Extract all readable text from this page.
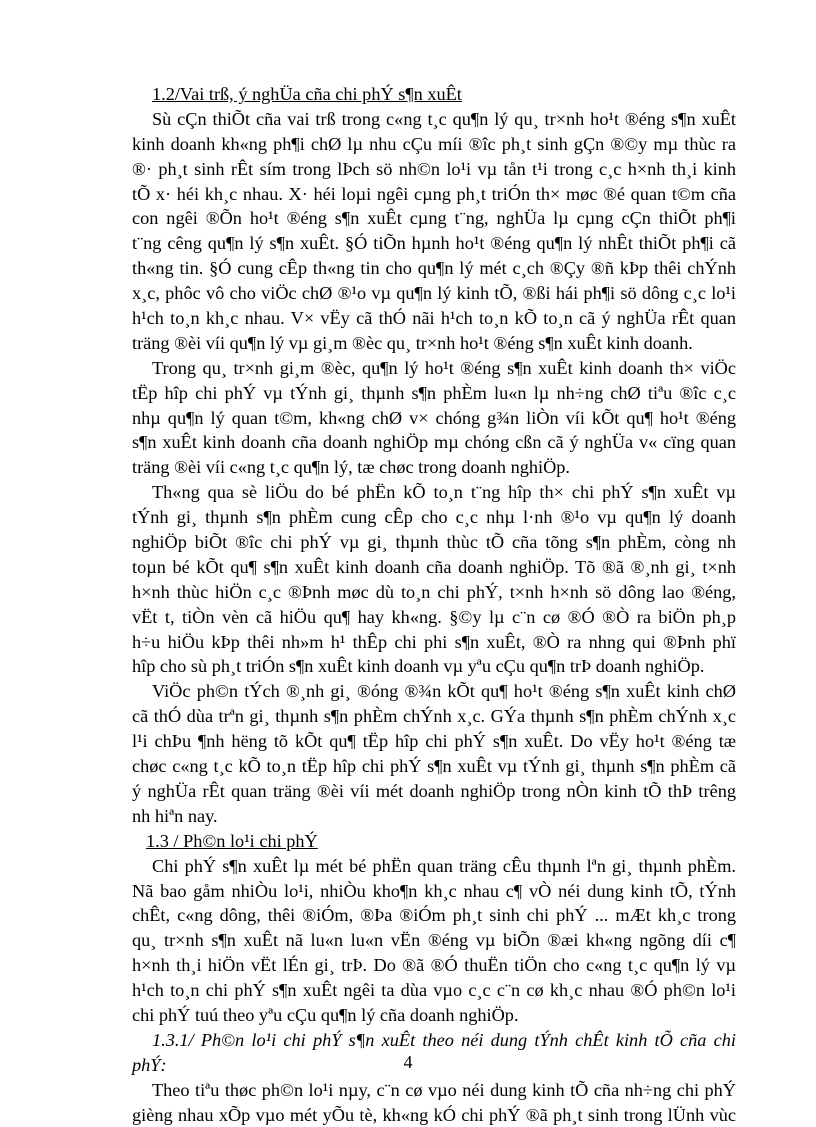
1.2/Vai trß, ý nghÜa cña chi phÝ s¶n xuÊt
Sù cÇn thiÕt cña vai trß trong c«ng t¸c qu¶n lý qu¸ tr×nh ho¹t ®éng s¶n xuÊt
kinh doanh kh«ng ph¶i chØ lµ nhu cÇu míi ®îc ph¸t sinh gÇn ®©y mµ thùc ra
®· ph¸t sinh rÊt sím trong lÞch sö nh©n lo¹i vµ tån t¹i trong c¸c h×nh th¸i kinh
tÕ x· héi kh¸c nhau. X· héi loµi ngêi cµng ph¸t triÓn th× møc ®é quan t©m cña
con ngêi ®Õn ho¹t ®éng s¶n xuÊt cµng t¨ng, nghÜa lµ cµng cÇn thiÕt ph¶i
t¨ng cêng qu¶n lý s¶n xuÊt. §Ó tiÕn hµnh ho¹t ®éng qu¶n lý nhÊt thiÕt ph¶i cã
th«ng tin. §Ó cung cÊp th«ng tin cho qu¶n lý mét c¸ch ®Çy ®ñ kÞp thêi chÝnh
x¸c, phôc vô cho viÖc chØ ®¹o vµ qu¶n lý kinh tÕ, ®ßi hái ph¶i sö dông c¸c lo¹i
h¹ch to¸n kh¸c nhau. V× vËy cã thÓ nãi h¹ch to¸n kÕ to¸n cã ý nghÜa rÊt quan
träng ®èi víi qu¶n lý vµ gi¸m ®èc qu¸ tr×nh ho¹t ®éng s¶n xuÊt kinh doanh.
Trong qu¸ tr×nh gi¸m ®èc, qu¶n lý ho¹t ®éng s¶n xuÊt kinh doanh th× viÖc
tËp hîp chi phÝ vµ tÝnh gi¸ thµnh s¶n phÈm lu«n lµ nh÷ng chØ tiªu ®îc c¸c
nhµ qu¶n lý quan t©m, kh«ng chØ v× chóng g¾n liÒn víi kÕt qu¶ ho¹t ®éng
s¶n xuÊt kinh doanh cña doanh nghiÖp mµ chóng cßn cã ý nghÜa v« cïng quan
träng ®èi víi c«ng t¸c qu¶n lý, tæ chøc trong doanh nghiÖp.
Th«ng qua sè liÖu do bé phËn kÕ to¸n t¨ng hîp th× chi phÝ s¶n xuÊt vµ
tÝnh gi¸ thµnh s¶n phÈm cung cÊp cho c¸c nhµ l·nh ®¹o vµ qu¶n lý doanh
nghiÖp biÕt ®îc chi phÝ vµ gi¸ thµnh thùc tÕ cña tõng s¶n phÈm, còng nh
toµn bé kÕt qu¶ s¶n xuÊt kinh doanh cña doanh nghiÖp. Tõ ®ã ®¸nh gi¸ t×nh
h×nh thùc hiÖn c¸c ®Þnh møc dù to¸n chi phÝ, t×nh h×nh sö dông lao ®éng,
vËt t, tiÒn vèn cã hiÖu qu¶ hay kh«ng. §©y lµ c¨n cø ®Ó ®Ò ra biÖn ph¸p
h÷u hiÖu kÞp thêi nh»m h¹ thÊp chi phi s¶n xuÊt, ®Ò ra nhng qui ®Þnh phï
hîp cho sù ph¸t triÓn s¶n xuÊt kinh doanh vµ yªu cÇu qu¶n trÞ doanh nghiÖp.
ViÖc ph©n tÝch ®¸nh gi¸ ®óng ®¾n kÕt qu¶ ho¹t ®éng s¶n xuÊt kinh chØ
cã thÓ dùa trªn gi¸ thµnh s¶n phÈm chÝnh x¸c. GÝa thµnh s¶n phÈm chÝnh x¸c
l¹i chÞu ¶nh hëng tõ kÕt qu¶ tËp hîp chi phÝ s¶n xuÊt. Do vËy ho¹t ®éng tæ
chøc c«ng t¸c kÕ to¸n tËp hîp chi phÝ s¶n xuÊt vµ tÝnh gi¸ thµnh s¶n phÈm cã
ý nghÜa rÊt quan träng ®èi víi mét doanh nghiÖp trong nÒn kinh tÕ thÞ trêng
nh hiªn nay.
1.3 / Ph©n lo¹i chi phÝ
Chi phÝ s¶n xuÊt lµ mét bé phËn quan träng cÊu thµnh lªn gi¸ thµnh phÈm.
Nã bao gåm nhiÒu lo¹i, nhiÒu kho¶n kh¸c nhau c¶ vÒ néi dung kinh tÕ, tÝnh
chÊt, c«ng dông, thêi ®iÓm, ®Þa ®iÓm ph¸t sinh chi phÝ ... mÆt kh¸c trong
qu¸ tr×nh s¶n xuÊt nã lu«n lu«n vËn ®éng vµ biÕn ®æi kh«ng ngõng díi c¶
h×nh th¸i hiÖn vËt lÉn gi¸ trÞ. Do ®ã ®Ó thuËn tiÖn cho c«ng t¸c qu¶n lý vµ
h¹ch to¸n chi phÝ s¶n xuÊt ngêi ta dùa vµo c¸c c¨n cø kh¸c nhau ®Ó ph©n lo¹i
chi phÝ tuú theo yªu cÇu qu¶n lý cña doanh nghiÖp.
1.3.1/ Ph©n lo¹i chi phÝ s¶n xuÊt theo néi dung tÝnh chÊt kinh tÕ cña chi
phÝ:
Theo tiªu thøc ph©n lo¹i nµy, c¨n cø vµo néi dung kinh tÕ cña nh÷ng chi phÝ
gièng nhau xÕp vµo mét yÕu tè, kh«ng kÓ chi phÝ ®ã ph¸t sinh trong lÜnh vùc
4
